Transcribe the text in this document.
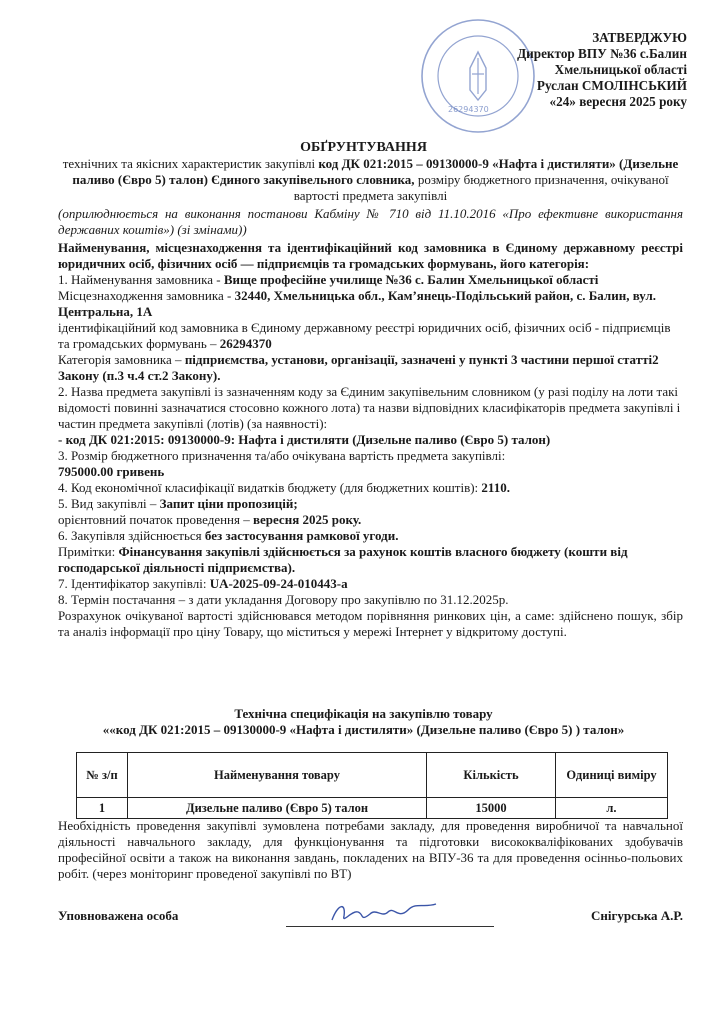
26294370
ЗАТВЕРДЖУЮ
Директор ВПУ №36 с.Балин
Хмельницької області
Руслан СМОЛІНСЬКИЙ
«24» вересня 2025 року
ОБҐРУНТУВАННЯ
технічних та якісних характеристик закупівлі код ДК 021:2015 – 09130000-9 «Нафта і дистиляти» (Дизельне паливо (Євро 5) талон) Єдиного закупівельного словника, розміру бюджетного призначення, очікуваної вартості предмета закупівлі
(оприлюднюється на виконання постанови Кабміну № 710 від 11.10.2016 «Про ефективне використання державних коштів») (зі змінами))

Найменування, місцезнаходження та ідентифікаційний код замовника в Єдиному державному реєстрі юридичних осіб, фізичних осіб — підприємців та громадських формувань, його категорія:

1. Найменування замовника - Вище професійне училище №36 с. Балин Хмельницької області

Місцезнаходження замовника - 32440, Хмельницька обл., Кам’янець-Подільський район, с. Балин, вул. Центральна, 1А

ідентифікаційний код замовника в Єдиному державному реєстрі юридичних осіб, фізичних осіб - підприємців та громадських формувань – 26294370

Категорія замовника – підприємства, установи, організації, зазначені у пункті 3 частини першої статті2 Закону (п.3 ч.4 ст.2 Закону).

2. Назва предмета закупівлі із зазначенням коду за Єдиним закупівельним словником (у разі поділу на лоти такі відомості повинні зазначатися стосовно кожного лота) та назви відповідних класифікаторів предмета закупівлі і частин предмета закупівлі (лотів) (за наявності):

- код ДК 021:2015: 09130000-9: Нафта і дистиляти (Дизельне паливо (Євро 5) талон)

3. Розмір бюджетного призначення та/або очікувана вартість предмета закупівлі:

795000.00 гривень

4. Код економічної класифікації видатків бюджету (для бюджетних коштів): 2110.

5. Вид закупівлі – Запит ціни пропозицій;

орієнтовний початок проведення – вересня 2025 року.

6. Закупівля здійснюється без застосування рамкової угоди.

Примітки: Фінансування закупівлі здійснюється за рахунок коштів власного бюджету (кошти від господарської діяльності підприємства).

7. Ідентифікатор закупівлі: UA-2025-09-24-010443-a

8. Термін постачання – з дати укладання Договору про закупівлю по 31.12.2025р.

Розрахунок очікуваної вартості здійснювався методом порівняння ринкових цін, а саме: здійснено пошук, збір та аналіз інформації про ціну Товару, що міститься у мережі Інтернет у відкритому доступі.

Технічна специфікація на закупівлю товару
««код ДК 021:2015 – 09130000-9 «Нафта і дистиляти» (Дизельне паливо (Євро 5) ) талон»
№ з/п	Найменування товару	Кількість	Одиниці виміру
1	Дизельне паливо (Євро 5) талон	15000	л.
Необхідність проведення закупівлі зумовлена потребами закладу, для проведення виробничої та навчальної діяльності навчального закладу, для функціонування та підготовки висококваліфікованих здобувачів професійної освіти а також на виконання завдань, покладених на ВПУ-36 та для проведення осінньо-польових робіт. (через моніторинг проведеної закупівлі по ВТ)
Уповноважена особа	Снігурська А.Р.
